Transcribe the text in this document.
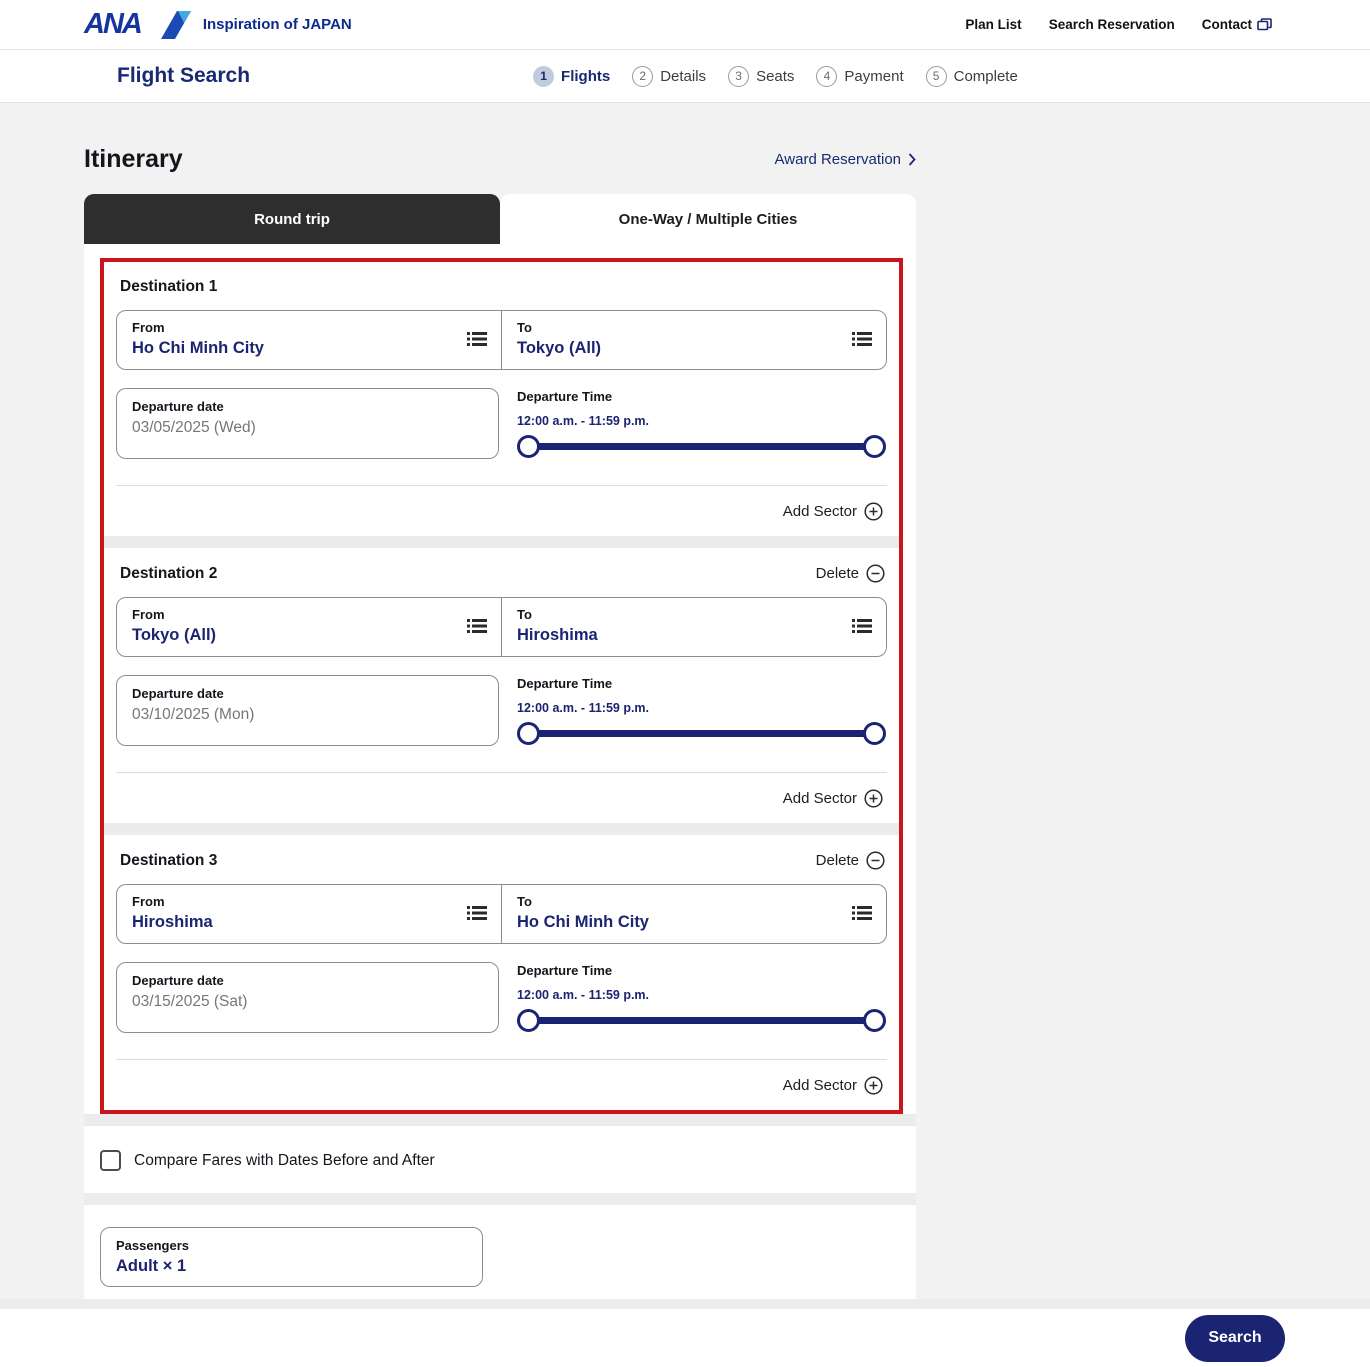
ANA	Inspiration of JAPAN	Plan List Search Reservation Contact
Flight Search	1 Flights	2 Details	3 Seats	4 Payment	5 Complete
Itinerary	Award Reservation
Round trip	One-Way / Multiple Cities
Destination 1
From
Ho Chi Minh City
To
Tokyo (All)
Departure date
03/05/2025 (Wed)
Departure Time
12:00 a.m. - 11:59 p.m.
Add Sector
Destination 2	Delete
From
Tokyo (All)
To
Hiroshima
Departure date
03/10/2025 (Mon)
Departure Time
12:00 a.m. - 11:59 p.m.
Add Sector
Destination 3	Delete
From
Hiroshima
To
Ho Chi Minh City
Departure date
03/15/2025 (Sat)
Departure Time
12:00 a.m. - 11:59 p.m.
Add Sector
Compare Fares with Dates Before and After
Passengers
Adult × 1
Search
